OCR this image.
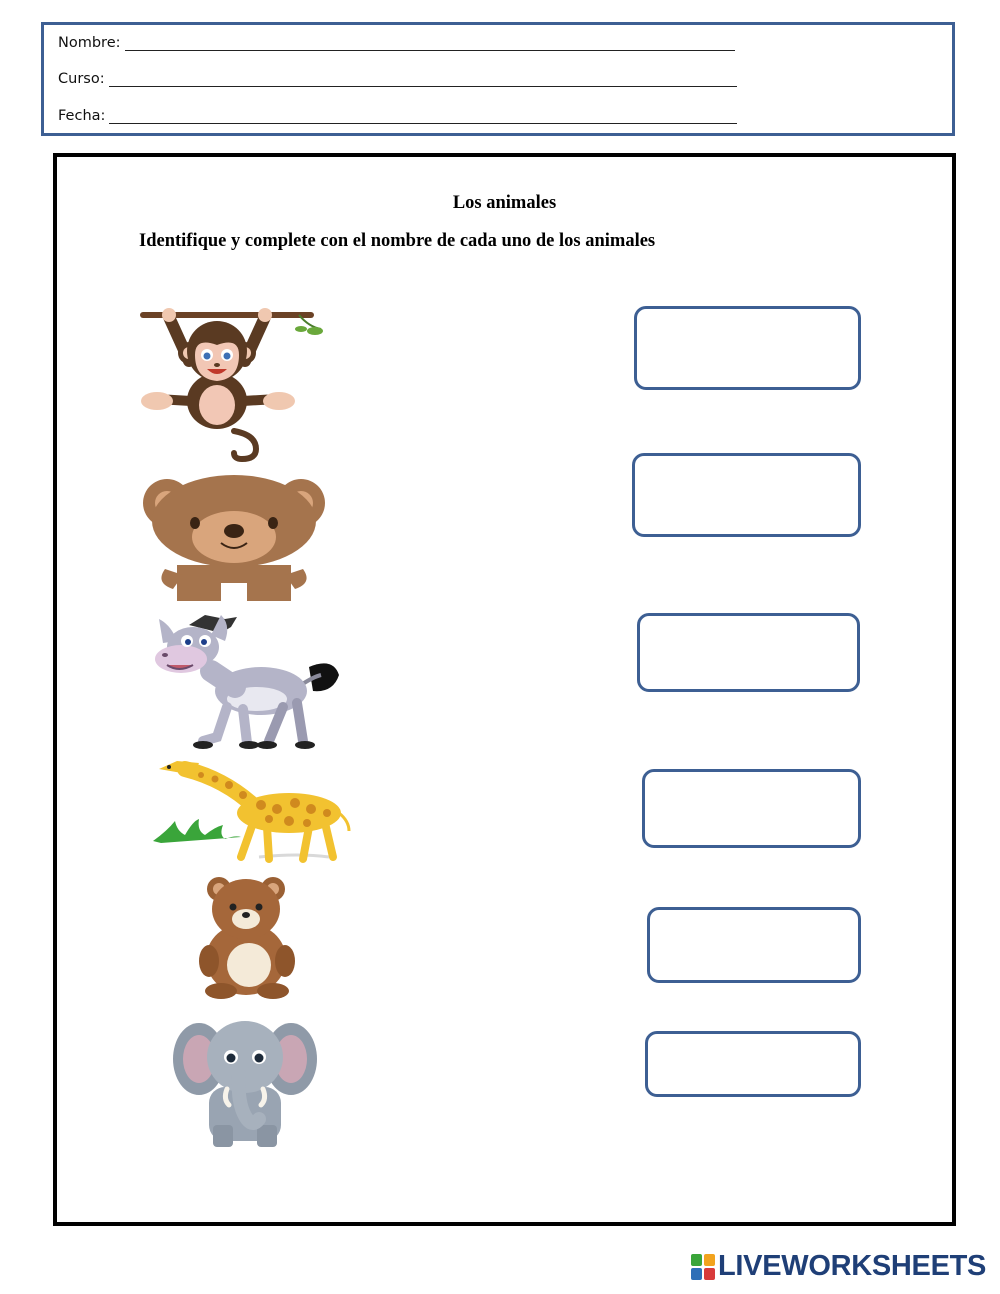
Nombre:
Curso:
Fecha:
Los animales
Identifique y complete con el nombre de cada uno de los animales
LIVEWORKSHEETS
